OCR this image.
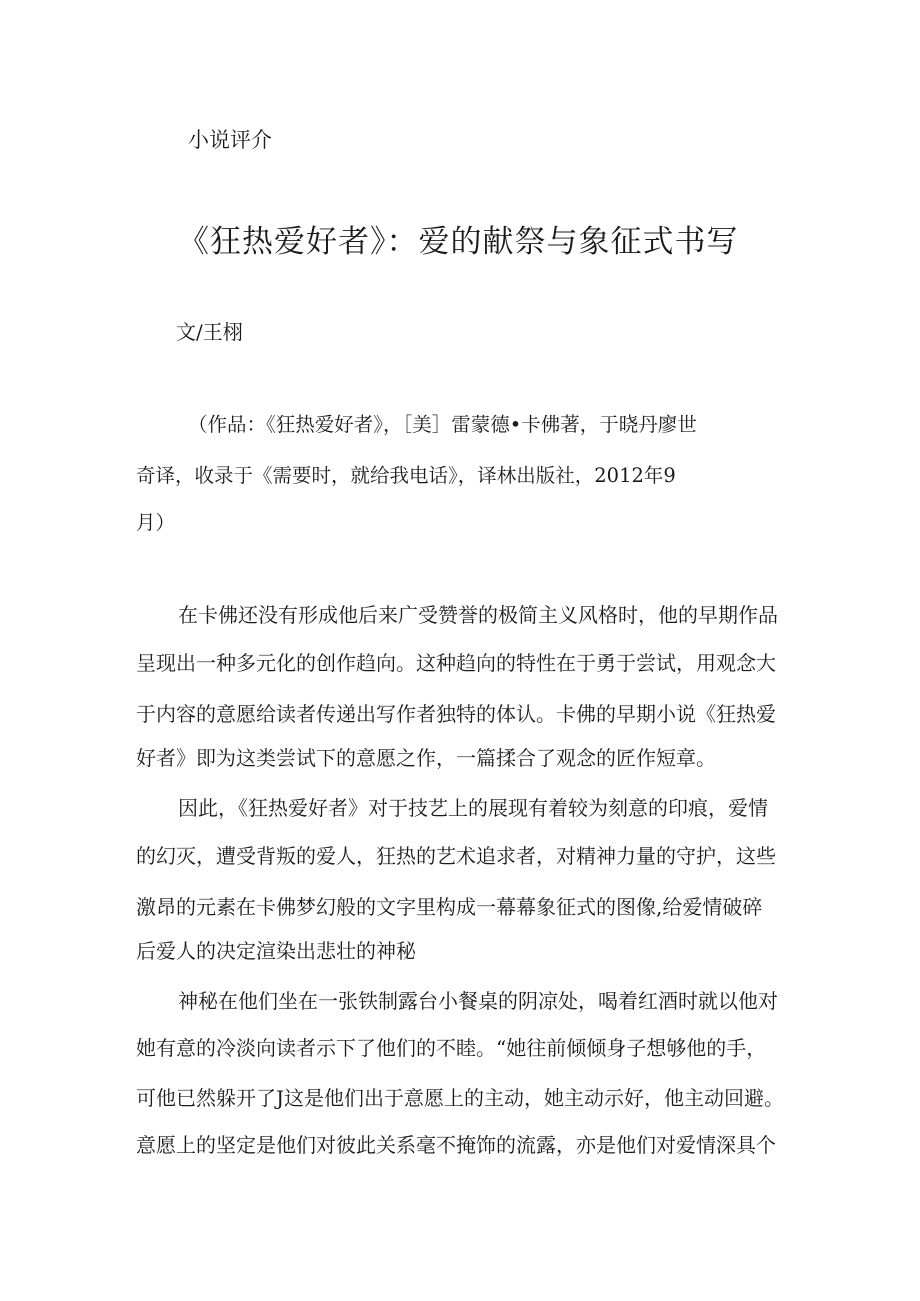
小说评介
《狂热爱好者》：爱的献祭与象征式书写
文/王栩
（作品：《狂热爱好者》，［美］雷蒙德•卡佛著，于晓丹廖世
奇译，收录于《需要时，就给我电话》，译林出版社，2012年9
月）
在卡佛还没有形成他后来广受赞誉的极简主义风格时，他的早期作品
呈现出一种多元化的创作趋向。这种趋向的特性在于勇于尝试，用观念大
于内容的意愿给读者传递出写作者独特的体认。卡佛的早期小说《狂热爱
好者》即为这类尝试下的意愿之作，一篇揉合了观念的匠作短章。
因此，《狂热爱好者》对于技艺上的展现有着较为刻意的印痕，爱情
的幻灭，遭受背叛的爱人，狂热的艺术追求者，对精神力量的守护，这些
激昂的元素在卡佛梦幻般的文字里构成一幕幕象征式的图像,给爱情破碎
后爱人的决定渲染出悲壮的神秘
神秘在他们坐在一张铁制露台小餐桌的阴凉处，喝着红酒时就以他对
她有意的冷淡向读者示下了他们的不睦。“她往前倾倾身子想够他的手，
可他已然躲开了J这是他们出于意愿上的主动，她主动示好，他主动回避。
意愿上的坚定是他们对彼此关系毫不掩饰的流露，亦是他们对爱情深具个
